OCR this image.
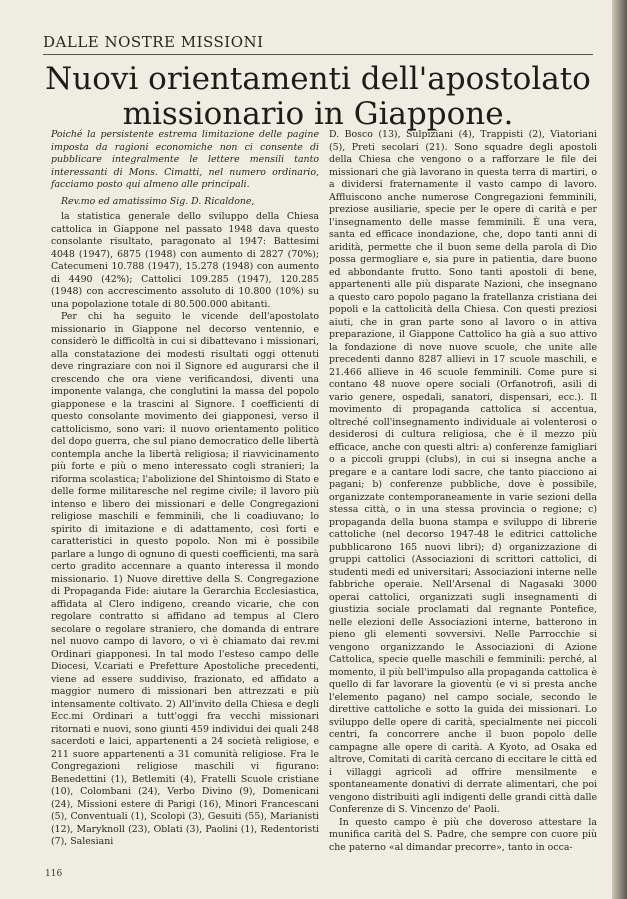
DALLE NOSTRE MISSIONI
Nuovi orientamenti dell'apostolato missionario in Giappone.

Poiché la persistente estrema limitazione delle pagine imposta da ragioni economiche non ci consente di pubblicare integralmente le lettere mensili tanto interessanti di Mons. Cimatti, nel numero ordinario, facciamo posto qui almeno alle principali.

Rev.mo ed amatissimo Sig. D. Ricaldone,

la statistica generale dello sviluppo della Chiesa cattolica in Giappone nel passato 1948 dava questo consolante risultato, paragonato al 1947: Battesimi 4048 (1947), 6875 (1948) con aumento di 2827 (70%); Catecumeni 10.788 (1947), 15.278 (1948) con aumento di 4490 (42%); Cattolici 109.285 (1947), 120.285 (1948) con accrescimento assoluto di 10.800 (10%) su una popolazione totale di 80.500.000 abitanti.

Per chi ha seguito le vicende dell'apostolato missionario in Giappone nel decorso ventennio, e considerò le difficoltà in cui si dibattevano i missionari, alla constatazione dei modesti risultati oggi ottenuti deve ringraziare con noi il Signore ed augurarsi che il crescendo che ora viene verificandosi, diventi una imponente valanga, che conglutini la massa del popolo giapponese e la trascini al Signore. I coefficienti di questo consolante movimento dei giapponesi, verso il cattolicismo, sono vari: il nuovo orientamento politico del dopo guerra, che sul piano democratico delle libertà contempla anche la libertà religiosa; il riavvicinamento più forte e più o meno interessato cogli stranieri; la riforma scolastica; l'abolizione del Shintoismo di Stato e delle forme militaresche nel regime civile; il lavoro più intenso e libero dei missionari e delle Congregazioni religiose maschili e femminili, che li coadiuvano; lo spirito di imitazione e di adattamento, così forti e caratteristici in questo popolo. Non mi è possibile parlare a lungo di ognuno di questi coefficienti, ma sarà certo gradito accennare a quanto interessa il mondo missionario. 1) Nuove direttive della S. Congregazione di Propaganda Fide: aiutare la Gerarchia Ecclesiastica, affidata al Clero indigeno, creando vicarie, che con regolare contratto si affidano ad tempus al Clero secolare o regolare straniero, che domanda di entrare nel nuovo campo di lavoro, o vi è chiamato dai rev.mi Ordinari giapponesi. In tal modo l'esteso campo delle Diocesi, V.cariati e Prefetture Apostoliche precedenti, viene ad essere suddiviso, frazionato, ed affidato a maggior numero di missionari ben attrezzati e più intensamente coltivato. 2) All'invito della Chiesa e degli Ecc.mi Ordinari a tutt'oggi fra vecchi missionari ritornati e nuovi, sono giunti 459 individui dei quali 248 sacerdoti e laici, appartenenti a 24 società religiose, e 211 suore appartenenti a 31 comunità religiose. Fra le Congregazioni religiose maschili vi figurano: Benedettini (1), Betlemiti (4), Fratelli Scuole cristiane (10), Colombani (24), Verbo Divino (9), Domenicani (24), Missioni estere di Parigi (16), Minori Francescani (5), Conventuali (1), Scolopi (3), Gesuiti (55), Marianisti (12), Maryknoll (23), Oblati (3), Paolini (1), Redentoristi (7), Salesiani

D. Bosco (13), Sulpiziani (4), Trappisti (2), Viatoriani (5), Preti secolari (21). Sono squadre degli apostoli della Chiesa che vengono o a rafforzare le file dei missionari che già lavorano in questa terra di martiri, o a dividersi fraternamente il vasto campo di lavoro. Affluiscono anche numerose Congregazioni femminili, preziose ausiliarie, specie per le opere di carità e per l'insegnamento delle masse femminili. È una vera, santa ed efficace inondazione, che, dopo tanti anni di aridità, permette che il buon seme della parola di Dio possa germogliare e, sia pure in patientia, dare buono ed abbondante frutto. Sono tanti apostoli di bene, appartenenti alle più disparate Nazioni, che insegnano a questo caro popolo pagano la fratellanza cristiana dei popoli e la cattolicità della Chiesa. Con questi preziosi aiuti, che in gran parte sono al lavoro o in attiva preparazione, il Giappone Cattolico ha già a suo attivo la fondazione di nove nuove scuole, che unite alle precedenti danno 8287 allievi in 17 scuole maschili, e 21.466 allieve in 46 scuole femminili. Come pure si contano 48 nuove opere sociali (Orfanotrofi, asili di vario genere, ospedali, sanatori, dispensari, ecc.). Il movimento di propaganda cattolica si accentua, oltreché coll'insegnamento individuale ai volenterosi o desiderosi di cultura religiosa, che è il mezzo più efficace, anche con questi altri: a) conferenze famigliari o a piccoli gruppi (clubs), in cui si insegna anche a pregare e a cantare lodi sacre, che tanto piacciono ai pagani; b) conferenze pubbliche, dove è possibile, organizzate contemporaneamente in varie sezioni della stessa città, o in una stessa provincia o regione; c) propaganda della buona stampa e sviluppo di librerie cattoliche (nel decorso 1947-48 le editrici cattoliche pubblicarono 165 nuovi libri); d) organizzazione di gruppi cattolici (Associazioni di scrittori cattolici, di studenti medi ed universitari; Associazioni interne nelle fabbriche operaie. Nell'Arsenal di Nagasaki 3000 operai cattolici, organizzati sugli insegnamenti di giustizia sociale proclamati dal regnante Pontefice, nelle elezioni delle Associazioni interne, batterono in pieno gli elementi sovversivi. Nelle Parrocchie si vengono organizzando le Associazioni di Azione Cattolica, specie quelle maschili e femminili: perché, al momento, il più bell'impulso alla propaganda cattolica è quello di far lavorare la gioventù (e vi si presta anche l'elemento pagano) nel campo sociale, secondo le direttive cattoliche e sotto la guida dei missionari. Lo sviluppo delle opere di carità, specialmente nei piccoli centri, fa concorrere anche il buon popolo delle campagne alle opere di carità. A Kyoto, ad Osaka ed altrove, Comitati di carità cercano di eccitare le città ed i villaggi agricoli ad offrire mensilmente e spontaneamente donativi di derrate alimentari, che poi vengono distribuiti agli indigenti delle grandi città dalle Conferenze di S. Vincenzo de' Paoli.

In questo campo è più che doveroso attestare la munifica carità del S. Padre, che sempre con cuore più che paterno «al dimandar precorre», tanto in occa-

116
